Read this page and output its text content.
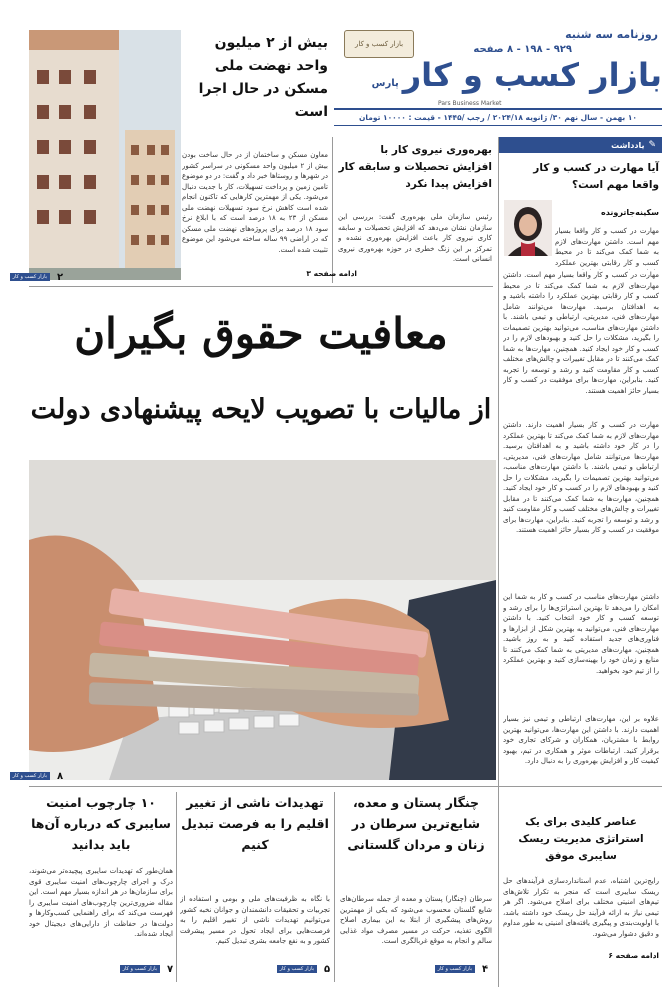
روزنامه سه شنبه
۹۲۹ - ۱۹۸ - ۸ صفحه
بازار کسب و کار
بازار کسب و کار
پارس
Pars Business Market
۱۰ بهمن - سال نهم ۳۰/ ژانویه ۲۰۲۴/۱۸ / رجب /۱۴۴۵ - قیمت : ۱۰۰۰۰ تومان
بیش از ۲ میلیون واحد نهضت ملی مسکن در حال اجرا است
معاون مسکن و ساختمان از در حال ساخت بودن بیش از ۲ میلیون واحد مسکونی در سراسر کشور در شهرها و روستاها خبر داد و گفت: در دو موضوع تامین زمین و پرداخت تسهیلات، کار با جدیت دنبال می‌شود. یکی از مهمترین کارهایی که تاکنون انجام شده است کاهش نرخ سود تسهیلات نهضت ملی مسکن از ۲۳ به ۱۸ درصد است که با ابلاغ نرخ سود ۱۸ درصد برای پروژه‌های نهضت ملی مسکن که در اراضی ۹۹ ساله ساخته می‌شود این موضوع تثبیت شده است.
۲
بازار کسب و کار
بهره‌وری نیروی کار با افزایش تحصیلات و سابقه کار افزایش پیدا نکرد
رئیس سازمان ملی بهره‌وری گفت: بررسی این سازمان نشان می‌دهد که افزایش تحصیلات و سابقه کاری نیروی کار باعث افزایش بهره‌وری نشده و تمرکز بر این زنگ خطری در حوزه بهره‌وری نیروی انسانی است.
ادامه صفحه ۳
✎
یادداشت
آیا مهارت در کسب و کار واقعا مهم است؟
سکینه‌جاترونده
مهارت در کسب و کار واقعا بسیار مهم است. داشتن مهارت‌های لازم به شما کمک می‌کند تا در محیط کسب و کار رقابتی بهترین عملکرد
مهارت در کسب و کار واقعا بسیار مهم است. داشتن مهارت‌های لازم به شما کمک می‌کند تا در محیط کسب و کار رقابتی بهترین عملکرد را داشته باشید و به اهدافتان برسید. مهارت‌ها می‌توانند شامل مهارت‌های فنی، مدیریتی، ارتباطی و تیمی باشند. با داشتن مهارت‌های مناسب، می‌توانید بهترین تصمیمات را بگیرید، مشکلات را حل کنید و بهبودهای لازم را در کسب و کار خود ایجاد کنید. همچنین، مهارت‌ها به شما کمک می‌کنند تا در مقابل تغییرات و چالش‌های مختلف کسب و کار مقاومت کنید و رشد و توسعه را تجربه کنید. بنابراین، مهارت‌ها برای موفقیت در کسب و کار بسیار حائز اهمیت هستند.
مهارت در کسب و کار بسیار اهمیت دارند. داشتن مهارت‌های لازم به شما کمک می‌کند تا بهترین عملکرد را در کار خود داشته باشید و به اهدافتان برسید. مهارت‌ها می‌توانند شامل مهارت‌های فنی، مدیریتی، ارتباطی و تیمی باشند. با داشتن مهارت‌های مناسب، می‌توانید بهترین تصمیمات را بگیرید، مشکلات را حل کنید و بهبودهای لازم را در کسب و کار خود ایجاد کنید. همچنین، مهارت‌ها به شما کمک می‌کنند تا در مقابل تغییرات و چالش‌های مختلف کسب و کار مقاومت کنید و رشد و توسعه را تجربه کنید. بنابراین، مهارت‌ها برای موفقیت در کسب و کار بسیار حائز اهمیت هستند.
داشتن مهارت‌های مناسب در کسب و کار به شما این امکان را می‌دهد تا بهترین استراتژی‌ها را برای رشد و توسعه کسب و کار خود انتخاب کنید. با داشتن مهارت‌های فنی، می‌توانید به بهترین شکل از ابزارها و فناوری‌های جدید استفاده کنید و به روز باشید. همچنین، مهارت‌های مدیریتی به شما کمک می‌کنند تا منابع و زمان خود را بهینه‌سازی کنید و بهترین عملکرد را از تیم خود بخواهید.
علاوه بر این، مهارت‌های ارتباطی و تیمی نیز بسیار اهمیت دارند. با داشتن این مهارت‌ها، می‌توانید بهترین روابط با مشتریان، همکاران و شرکای تجاری خود برقرار کنید. ارتباطات موثر و همکاری در تیم، بهبود کیفیت کار و افزایش بهره‌وری را به دنبال دارد.
معافیت حقوق بگیران
از مالیات با تصویب لایحه پیشنهادی دولت
۸
بازار کسب و کار
عناصر کلیدی برای یک استراتژی مدیریت ریسک سایبری موفق
رایج‌ترین اشتباه، عدم استانداردسازی فرآیندهای حل ریسک سایبری است که منجر به تکرار تلاش‌های تیم‌های امنیتی مختلف برای اصلاح می‌شود. اگر هر تیمی نیاز به ارائه فرآیند حل ریسک خود داشته باشد، با اولویت‌بندی و پیگیری یافته‌های امنیتی به طور مداوم و دقیق دشوار می‌شود.
ادامه صفحه ۶
چنگار پستان و معده، شایع‌ترین سرطان در زنان و مردان گلستانی
سرطان (چنگار) پستان و معده از جمله سرطان‌های شایع گلستان محسوب می‌شود که یکی از مهمترین روش‌های پیشگیری از ابتلا به این بیماری اصلاح الگوی تغذیه، حرکت در مسیر مصرف مواد غذایی سالم و انجام به موقع غربالگری است.
۴
بازار کسب و کار
تهدیدات ناشی از تغییر اقلیم را به فرصت تبدیل کنیم
با نگاه به ظرفیت‌های ملی و بومی و استفاده از تجربیات و تحقیقات دانشمندان و جوانان نخبه کشور می‌توانیم تهدیدات ناشی از تغییر اقلیم را به فرصت‌هایی برای ایجاد تحول در مسیر پیشرفت کشور و به نفع جامعه بشری تبدیل کنیم.
۵
بازار کسب و کار
۱۰ چارچوب امنیت سایبری که درباره آن‌ها باید بدانید
همان‌طور که تهدیدات سایبری پیچیده‌تر می‌شوند، درک و اجرای چارچوب‌های امنیت سایبری قوی برای سازمان‌ها در هر اندازه بسیار مهم است. این مقاله ضروری‌ترین چارچوب‌های امنیت سایبری را فهرست می‌کند که برای راهنمایی کسب‌وکارها و دولت‌ها در حفاظت از دارایی‌های دیجیتال خود ایجاد شده‌اند.
۷
بازار کسب و کار
